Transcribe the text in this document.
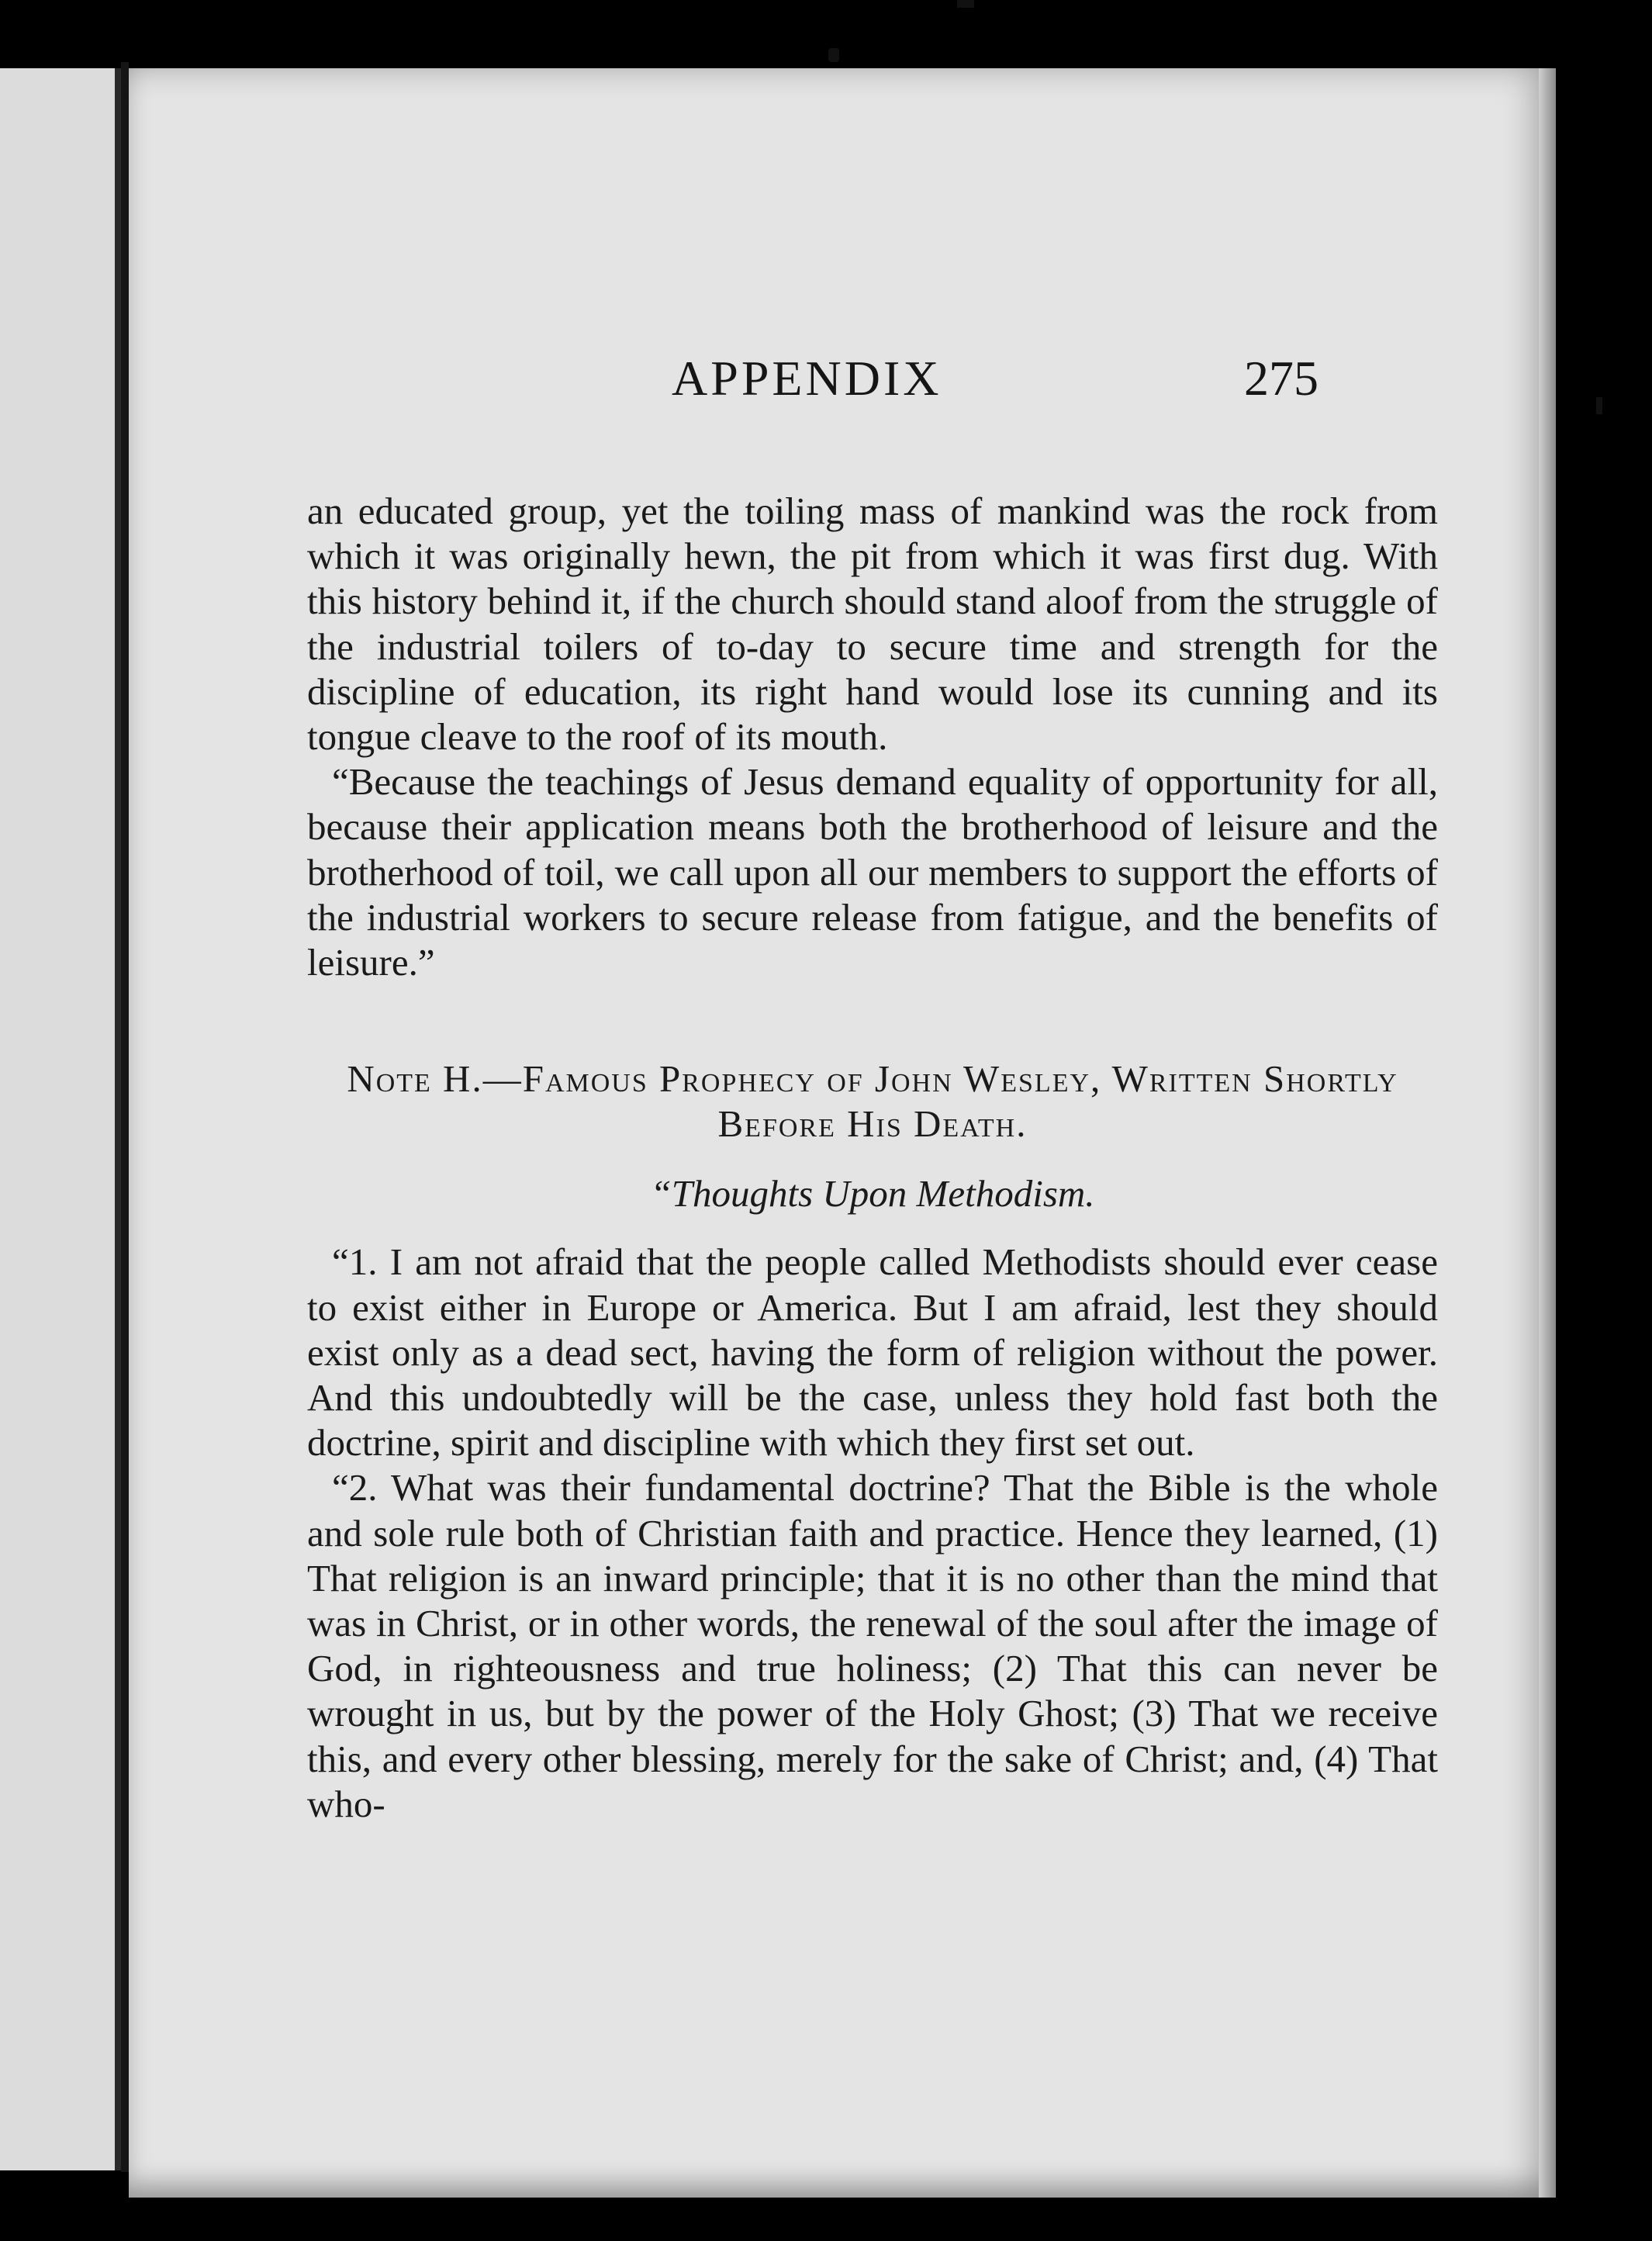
APPENDIX	275

an educated group, yet the toiling mass of mankind was the rock from which it was originally hewn, the pit from which it was first dug. With this history behind it, if the church should stand aloof from the struggle of the industrial toilers of to-day to secure time and strength for the discipline of education, its right hand would lose its cunning and its tongue cleave to the roof of its mouth.

“Because the teachings of Jesus demand equality of opportunity for all, because their application means both the brotherhood of leisure and the brotherhood of toil, we call upon all our members to support the efforts of the industrial workers to secure release from fatigue, and the benefits of leisure.”

Note H.—Famous Prophecy of John Wesley, Written Shortly Before His Death.

“Thoughts Upon Methodism.

“1. I am not afraid that the people called Methodists should ever cease to exist either in Europe or America. But I am afraid, lest they should exist only as a dead sect, having the form of religion without the power. And this undoubtedly will be the case, unless they hold fast both the doctrine, spirit and discipline with which they first set out.

“2. What was their fundamental doctrine? That the Bible is the whole and sole rule both of Christian faith and practice. Hence they learned, (1) That religion is an inward principle; that it is no other than the mind that was in Christ, or in other words, the renewal of the soul after the image of God, in righteousness and true holiness; (2) That this can never be wrought in us, but by the power of the Holy Ghost; (3) That we receive this, and every other blessing, merely for the sake of Christ; and, (4) That who-
